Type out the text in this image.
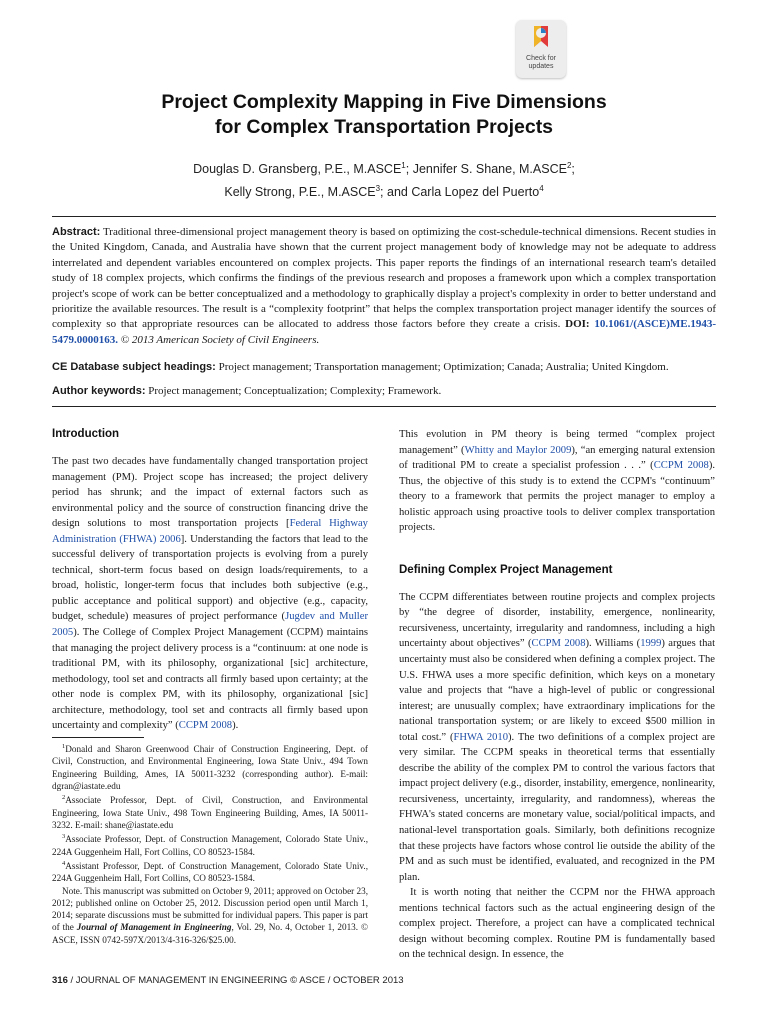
Check for
updates
Project Complexity Mapping in Five Dimensions
for Complex Transportation Projects
Douglas D. Gransberg, P.E., M.ASCE$^1$; Jennifer S. Shane, M.ASCE$^2$;
Kelly Strong, P.E., M.ASCE$^3$; and Carla Lopez del Puerto$^4$
Abstract: Traditional three-dimensional project management theory is based on optimizing the cost-schedule-technical dimensions. Recent studies in the United Kingdom, Canada, and Australia have shown that the current project management body of knowledge may not be adequate to address interrelated and dependent variables encountered on complex projects. This paper reports the findings of an international research team's detailed study of 18 complex projects, which confirms the findings of the previous research and proposes a framework upon which a complex transportation project's scope of work can be better conceptualized and a methodology to graphically display a project's complexity in order to better understand and prioritize the available resources. The result is a “complexity footprint” that helps the complex transportation project manager identify the sources of complexity so that appropriate resources can be allocated to address those factors before they create a crisis. DOI: 10.1061/(ASCE)ME.1943-5479.0000163. © 2013 American Society of Civil Engineers.
CE Database subject headings: Project management; Transportation management; Optimization; Canada; Australia; United Kingdom.
Author keywords: Project management; Conceptualization; Complexity; Framework.
Introduction

The past two decades have fundamentally changed transportation project management (PM). Project scope has increased; the project delivery period has shrunk; and the impact of external factors such as environmental policy and the source of construction financing drive the design solutions to most transportation projects [Federal Highway Administration (FHWA) 2006]. Understanding the factors that lead to the successful delivery of transportation projects is evolving from a purely technical, short-term focus based on design loads/requirements, to a broad, holistic, longer-term focus that includes both subjective (e.g., public acceptance and political support) and objective (e.g., capacity, budget, schedule) measures of project performance (Jugdev and Muller 2005). The College of Complex Project Management (CCPM) maintains that managing the project delivery process is a “continuum: at one node is traditional PM, with its philosophy, organizational [sic] architecture, methodology, tool set and contracts all firmly based upon certainty; at the other node is complex PM, with its philosophy, organizational [sic] architecture, methodology, tool set and contracts all firmly based upon uncertainty and complexity” (CCPM 2008).

$^1$Donald and Sharon Greenwood Chair of Construction Engineering, Dept. of Civil, Construction, and Environmental Engineering, Iowa State Univ., 494 Town Engineering Building, Ames, IA 50011-3232 (corresponding author). E-mail: dgran@iastate.edu

$^2$Associate Professor, Dept. of Civil, Construction, and Environmental Engineering, Iowa State Univ., 498 Town Engineering Building, Ames, IA 50011-3232. E-mail: shane@iastate.edu

$^3$Associate Professor, Dept. of Construction Management, Colorado State Univ., 224A Guggenheim Hall, Fort Collins, CO 80523-1584.

$^4$Assistant Professor, Dept. of Construction Management, Colorado State Univ., 224A Guggenheim Hall, Fort Collins, CO 80523-1584.

Note. This manuscript was submitted on October 9, 2011; approved on October 23, 2012; published online on October 25, 2012. Discussion period open until March 1, 2014; separate discussions must be submitted for individual papers. This paper is part of the Journal of Management in Engineering, Vol. 29, No. 4, October 1, 2013. © ASCE, ISSN 0742-597X/2013/4-316-326/$25.00.

This evolution in PM theory is being termed “complex project management” (Whitty and Maylor 2009), “an emerging natural extension of traditional PM to create a specialist profession . . .” (CCPM 2008). Thus, the objective of this study is to extend the CCPM's “continuum” theory to a framework that permits the project manager to employ a holistic approach using proactive tools to deliver complex transportation projects.

Defining Complex Project Management

The CCPM differentiates between routine projects and complex projects by “the degree of disorder, instability, emergence, nonlinearity, recursiveness, uncertainty, irregularity and randomness, including a high uncertainty about objectives” (CCPM 2008). Williams (1999) argues that uncertainty must also be considered when defining a complex project. The U.S. FHWA uses a more specific definition, which keys on a monetary value and projects that “have a high-level of public or congressional interest; are unusually complex; have extraordinary implications for the national transportation system; or are likely to exceed $500 million in total cost.” (FHWA 2010). The two definitions of a complex project are very similar. The CCPM speaks in theoretical terms that essentially describe the ability of the complex PM to control the various factors that impact project delivery (e.g., disorder, instability, emergence, nonlinearity, recursiveness, uncertainty, irregularity, and randomness), whereas the FHWA's stated concerns are monetary value, social/political impacts, and national-level transportation goals. Similarly, both definitions recognize that these projects have factors whose control lie outside the ability of the PM and as such must be identified, evaluated, and recognized in the PM plan.

It is worth noting that neither the CCPM nor the FHWA approach mentions technical factors such as the actual engineering design of the complex project. Therefore, a project can have a complicated technical design without becoming complex. Routine PM is fundamentally based on the technical design. In essence, the

316 / JOURNAL OF MANAGEMENT IN ENGINEERING © ASCE / OCTOBER 2013
